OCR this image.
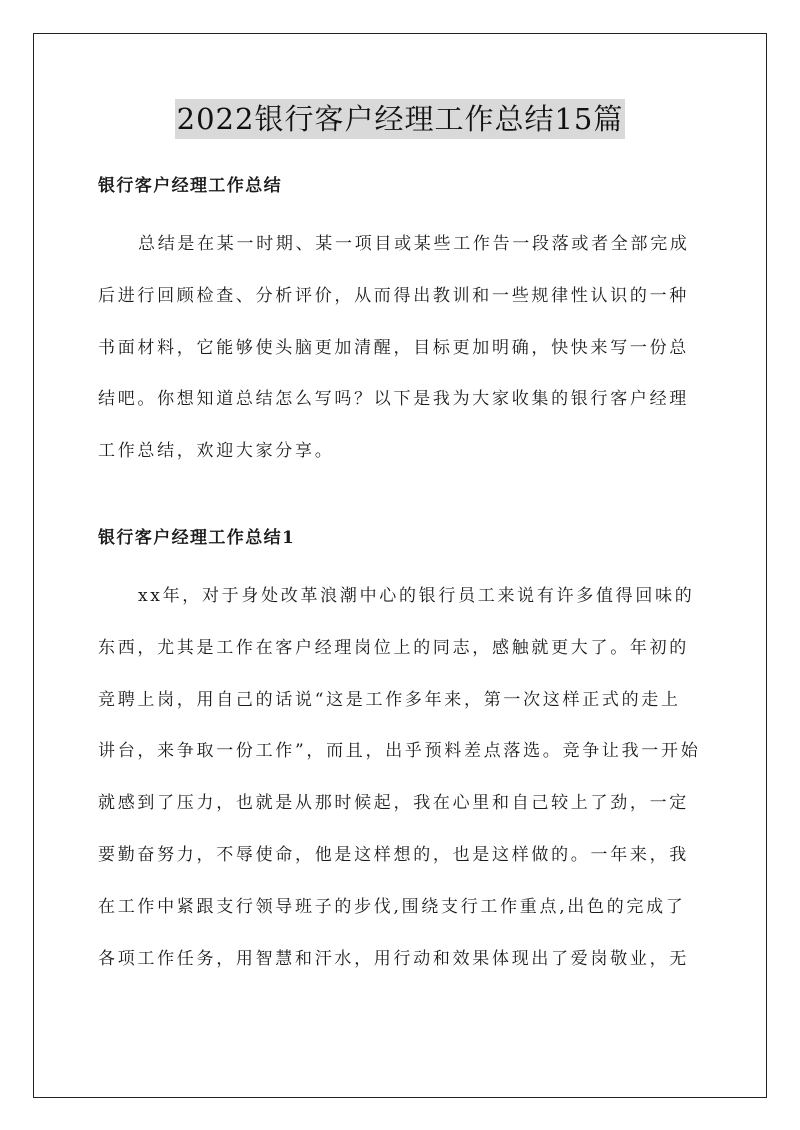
2022银行客户经理工作总结15篇
银行客户经理工作总结

总结是在某一时期、某一项目或某些工作告一段落或者全部完成
后进行回顾检查、分析评价，从而得出教训和一些规律性认识的一种
书面材料，它能够使头脑更加清醒，目标更加明确，快快来写一份总
结吧。你想知道总结怎么写吗？以下是我为大家收集的银行客户经理
工作总结，欢迎大家分享。

银行客户经理工作总结1

xx年，对于身处改革浪潮中心的银行员工来说有许多值得回味的
东西，尤其是工作在客户经理岗位上的同志，感触就更大了。年初的
竞聘上岗，用自己的话说“这是工作多年来，第一次这样正式的走上
讲台，来争取一份工作”，而且，出乎预料差点落选。竞争让我一开始
就感到了压力，也就是从那时候起，我在心里和自己较上了劲，一定
要勤奋努力，不辱使命，他是这样想的，也是这样做的。一年来，我
在工作中紧跟支行领导班子的步伐,围绕支行工作重点,出色的完成了
各项工作任务，用智慧和汗水，用行动和效果体现出了爱岗敬业，无
